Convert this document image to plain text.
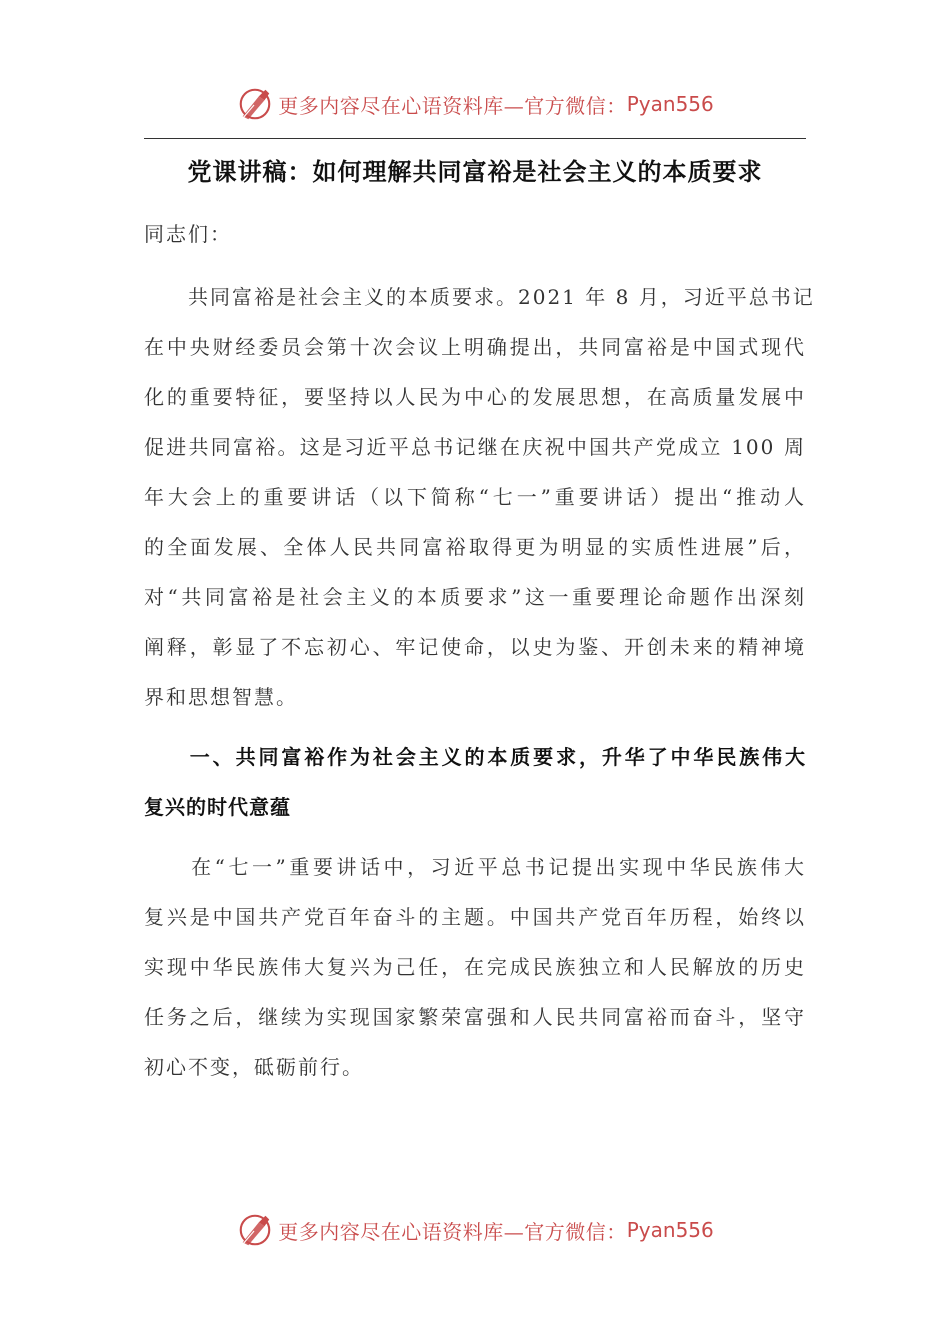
更多内容尽在心语资料库—官方微信： Pyan556
党课讲稿：如何理解共同富裕是社会主义的本质要求
同志们：
　　共同富裕是社会主义的本质要求。2021 年 8 月，习近平总书记
在中央财经委员会第十次会议上明确提出，共同富裕是中国式现代
化的重要特征，要坚持以人民为中心的发展思想，在高质量发展中
促进共同富裕。这是习近平总书记继在庆祝中国共产党成立 100 周
年大会上的重要讲话（以下简称“七一”重要讲话）提出“推动人
的全面发展、全体人民共同富裕取得更为明显的实质性进展”后，
对“共同富裕是社会主义的本质要求”这一重要理论命题作出深刻
阐释，彰显了不忘初心、牢记使命，以史为鉴、开创未来的精神境
界和思想智慧。
　　一、共同富裕作为社会主义的本质要求，升华了中华民族伟大
复兴的时代意蕴
　　在“七一”重要讲话中，习近平总书记提出实现中华民族伟大
复兴是中国共产党百年奋斗的主题。中国共产党百年历程，始终以
实现中华民族伟大复兴为己任，在完成民族独立和人民解放的历史
任务之后，继续为实现国家繁荣富强和人民共同富裕而奋斗，坚守
初心不变，砥砺前行。
更多内容尽在心语资料库—官方微信： Pyan556
